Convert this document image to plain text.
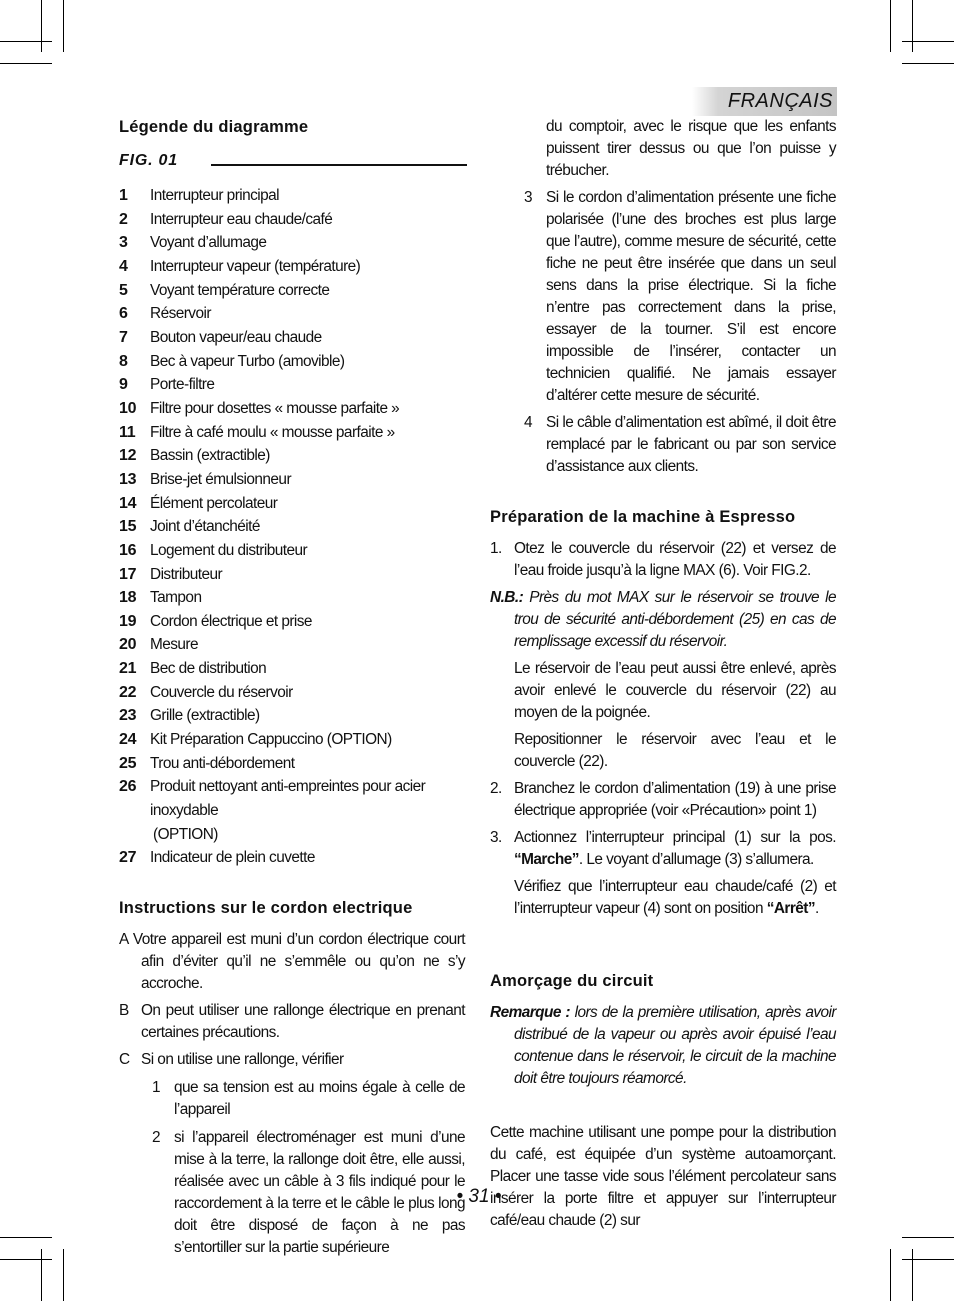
FRANÇAIS
Légende du diagramme
FIG. 01
1 Interrupteur principal
2 Interrupteur eau chaude/café
3 Voyant d’allumage
4 Interrupteur vapeur (température)
5 Voyant température correcte
6 Réservoir
7 Bouton vapeur/eau chaude
8 Bec à vapeur Turbo (amovible)
9 Porte-filtre
10 Filtre pour dosettes « mousse parfaite »
11 Filtre à café moulu « mousse parfaite »
12 Bassin (extractible)
13 Brise-jet émulsionneur
14 Élément percolateur
15 Joint d’étanchéité
16 Logement du distributeur
17 Distributeur
18 Tampon
19 Cordon électrique et prise
20 Mesure
21 Bec de distribution
22 Couvercle du réservoir
23 Grille (extractible)
24 Kit Préparation Cappuccino (OPTION)
25 Trou anti-débordement
26 Produit nettoyant anti-empreintes pour acier inoxydable
(OPTION)
27 Indicateur de plein cuvette
Instructions sur le cordon electrique
A Votre appareil est muni d’un cordon électrique court afin d’éviter qu’il ne s’emmêle ou qu’on ne s’y accroche.
B On peut utiliser une rallonge électrique en prenant certaines précautions.
C Si on utilise une rallonge, vérifier
1 que sa tension est au moins égale à celle de l’appareil
2 si l’appareil électroménager est muni d’une mise à la terre, la rallonge doit être, elle aussi, réalisée avec un câble à 3 fils indiqué pour le raccordement à la terre et le câble le plus long doit être disposé de façon à ne pas s’entortiller sur la partie supérieure
du comptoir, avec le risque que les enfants puissent tirer dessus ou que l’on puisse y trébucher.
3 Si le cordon d’alimentation présente une fiche polarisée (l’une des broches est plus large que l’autre), comme mesure de sécurité, cette fiche ne peut être insérée que dans un seul sens dans la prise électrique. Si la fiche n’entre pas correctement dans la prise, essayer de la tourner. S’il est encore impossible de l’insérer, contacter un technicien qualifié. Ne jamais essayer d’altérer cette mesure de sécurité.
4 Si le câble d’alimentation est abîmé, il doit être remplacé par le fabricant ou par son service d’assistance aux clients.
Préparation de la machine à Espresso
1. Otez le couvercle du réservoir (22) et versez de l’eau froide jusqu’à la ligne MAX (6). Voir FIG.2.
N.B.: Près du mot MAX sur le réservoir se trouve le trou de sécurité anti-débordement (25) en cas de remplissage excessif du réservoir.
Le réservoir de l’eau peut aussi être enlevé, après avoir enlevé le couvercle du réservoir (22) au moyen de la poignée.
Repositionner le réservoir avec l’eau et le couvercle (22).
2. Branchez le cordon d’alimentation (19) à une prise électrique appropriée (voir «Précaution» point 1)
3. Actionnez l’interrupteur principal (1) sur la pos. “Marche”. Le voyant d’allumage (3) s’allumera.
Vérifiez que l’interrupteur eau chaude/café (2) et l’interrupteur vapeur (4) sont on position “Arrêt”.
Amorçage du circuit
Remarque : lors de la première utilisation, après avoir distribué de la vapeur ou après avoir épuisé l’eau contenue dans le réservoir, le circuit de la machine doit être toujours réamorcé.
Cette machine utilisant une pompe pour la distribution du café, est équipée d’un système autoamorçant. Placer une tasse vide sous l’élément percolateur sans insérer la porte filtre et appuyer sur l’interrupteur café/eau chaude (2) sur
• 31 •
